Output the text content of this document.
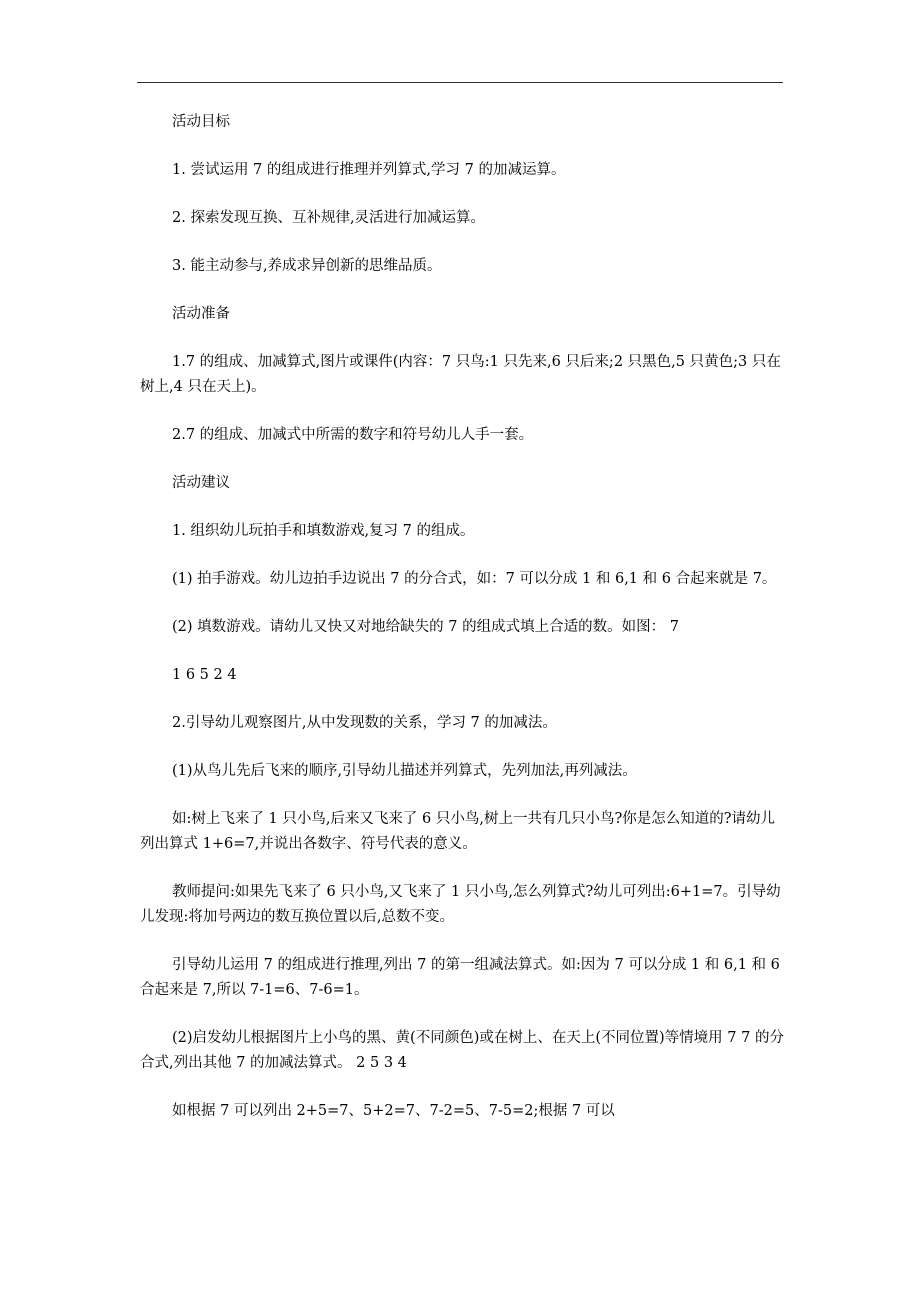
活动目标

1. 尝试运用 7 的组成进行推理并列算式,学习 7 的加减运算。

2. 探索发现互换、互补规律,灵活进行加减运算。

3. 能主动参与,养成求异创新的思维品质。

活动准备

1.7 的组成、加减算式,图片或课件(内容：7 只鸟:1 只先来,6 只后来;2 只黑色,5 只黄色;3 只在树上,4 只在天上)。

2.7 的组成、加减式中所需的数字和符号幼儿人手一套。

活动建议

1. 组织幼儿玩拍手和填数游戏,复习 7 的组成。

(1) 拍手游戏。幼儿边拍手边说出 7 的分合式，如：7 可以分成 1 和 6,1 和 6 合起来就是 7。

(2) 填数游戏。请幼儿又快又对地给缺失的 7 的组成式填上合适的数。如图： 7

1 6 5 2 4

2.引导幼儿观察图片,从中发现数的关系，学习 7 的加减法。

(1)从鸟儿先后飞来的顺序,引导幼儿描述并列算式，先列加法,再列减法。

如:树上飞来了 1 只小鸟,后来又飞来了 6 只小鸟,树上一共有几只小鸟?你是怎么知道的?请幼儿列出算式 1+6=7,并说出各数字、符号代表的意义。

教师提问:如果先飞来了 6 只小鸟,又飞来了 1 只小鸟,怎么列算式?幼儿可列出:6+1=7。引导幼儿发现:将加号两边的数互换位置以后,总数不变。

引导幼儿运用 7 的组成进行推理,列出 7 的第一组减法算式。如:因为 7 可以分成 1 和 6,1 和 6 合起来是 7,所以 7-1=6、7-6=1。

(2)启发幼儿根据图片上小鸟的黑、黄(不同颜色)或在树上、在天上(不同位置)等情境用 7 7 的分合式,列出其他 7 的加减法算式。 2 5 3 4

如根据 7 可以列出 2+5=7、5+2=7、7-2=5、7-5=2;根据 7 可以
